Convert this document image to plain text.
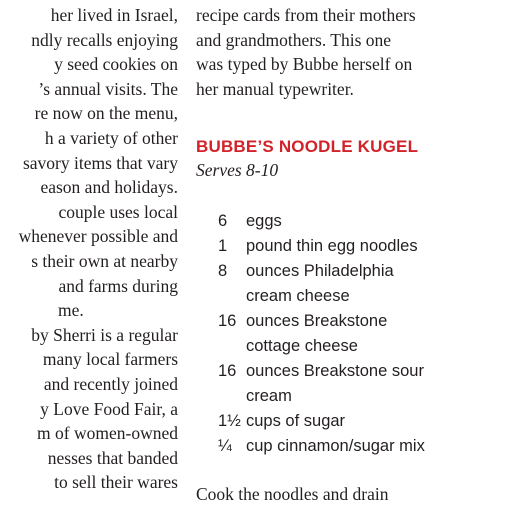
her lived in Israel,
ndly recalls enjoying
y seed cookies on
’s annual visits. The
re now on the menu,
h a variety of other
savory items that vary
eason and holidays.
couple uses local
whenever possible and
s their own at nearby
and farms during
me.
by Sherri is a regular
many local farmers
and recently joined
y Love Food Fair, a
m of women-owned
nesses that banded
to sell their wares
recipe cards from their mothers
and grandmothers. This one
was typed by Bubbe herself on
her manual typewriter.
BUBBE’S NOODLE KUGEL
Serves 8-10
6	eggs
1	pound thin egg noodles
8	ounces Philadelphia
cream cheese
16 ounces Breakstone
cottage cheese
16 ounces Breakstone sour
cream
1½ cups of sugar
¼ cup cinnamon/sugar mix
Cook the noodles and drain
